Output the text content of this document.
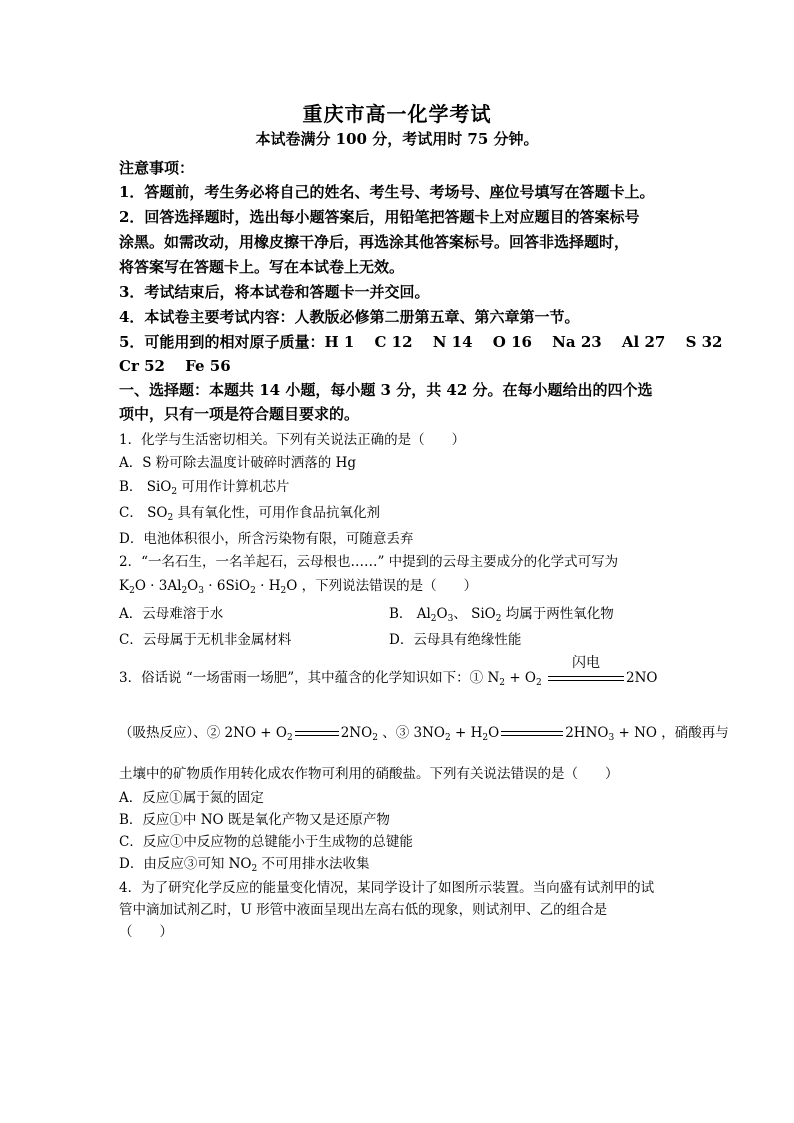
重庆市高一化学考试
本试卷满分 100 分，考试用时 75 分钟。
注意事项：
1．答题前，考生务必将自己的姓名、考生号、考场号、座位号填写在答题卡上。
2．回答选择题时，选出每小题答案后，用铅笔把答题卡上对应题目的答案标号
涂黑。如需改动，用橡皮擦干净后，再选涂其他答案标号。回答非选择题时，
将答案写在答题卡上。写在本试卷上无效。
3．考试结束后，将本试卷和答题卡一并交回。
4．本试卷主要考试内容：人教版必修第二册第五章、第六章第一节。
5．可能用到的相对原子质量：H 1　 C 12　 N 14　 O 16　 Na 23　 Al 27　 S 32
Cr 52　 Fe 56
一、选择题：本题共 14 小题，每小题 3 分，共 42 分。在每小题给出的四个选
项中，只有一项是符合题目要求的。
1．化学与生活密切相关。下列有关说法正确的是（　　）
A．S 粉可除去温度计破碎时洒落的 Hg
B． SiO$_2$ 可用作计算机芯片
C． $SO_2$ 具有氧化性，可用作食品抗氧化剂
D．电池体积很小，所含污染物有限，可随意丢弃
2．“一名石生，一名羊起石，云母根也……” 中提到的云母主要成分的化学式可写为
$K_2O \cdot 3Al_2O_3 \cdot 6SiO_2 \cdot H_2O$ ，下列说法错误的是（　　）
A．云母难溶于水	B． $Al_2O_3$、 SiO$_2$ 均属于两性氧化物
C．云母属于无机非金属材料	D．云母具有绝缘性能
3．俗话说 “一场雷雨一场肥”，其中蕴含的化学知识如下：① $N_2 + O_2$
闪电
2NO
（吸热反应）、② $2NO + O_2$	$2NO_2$ 、③ $3NO_2 + H_2O$	$2HNO_3$ + NO ，硝酸再与
土壤中的矿物质作用转化成农作物可利用的硝酸盐。下列有关说法错误的是（　　）
A．反应①属于氮的固定
B．反应①中 NO 既是氧化产物又是还原产物
C．反应①中反应物的总键能小于生成物的总键能
D．由反应③可知 $NO_2$ 不可用排水法收集
4．为了研究化学反应的能量变化情况，某同学设计了如图所示装置。当向盛有试剂甲的试
管中滴加试剂乙时，U 形管中液面呈现出左高右低的现象，则试剂甲、乙的组合是
（　　）
